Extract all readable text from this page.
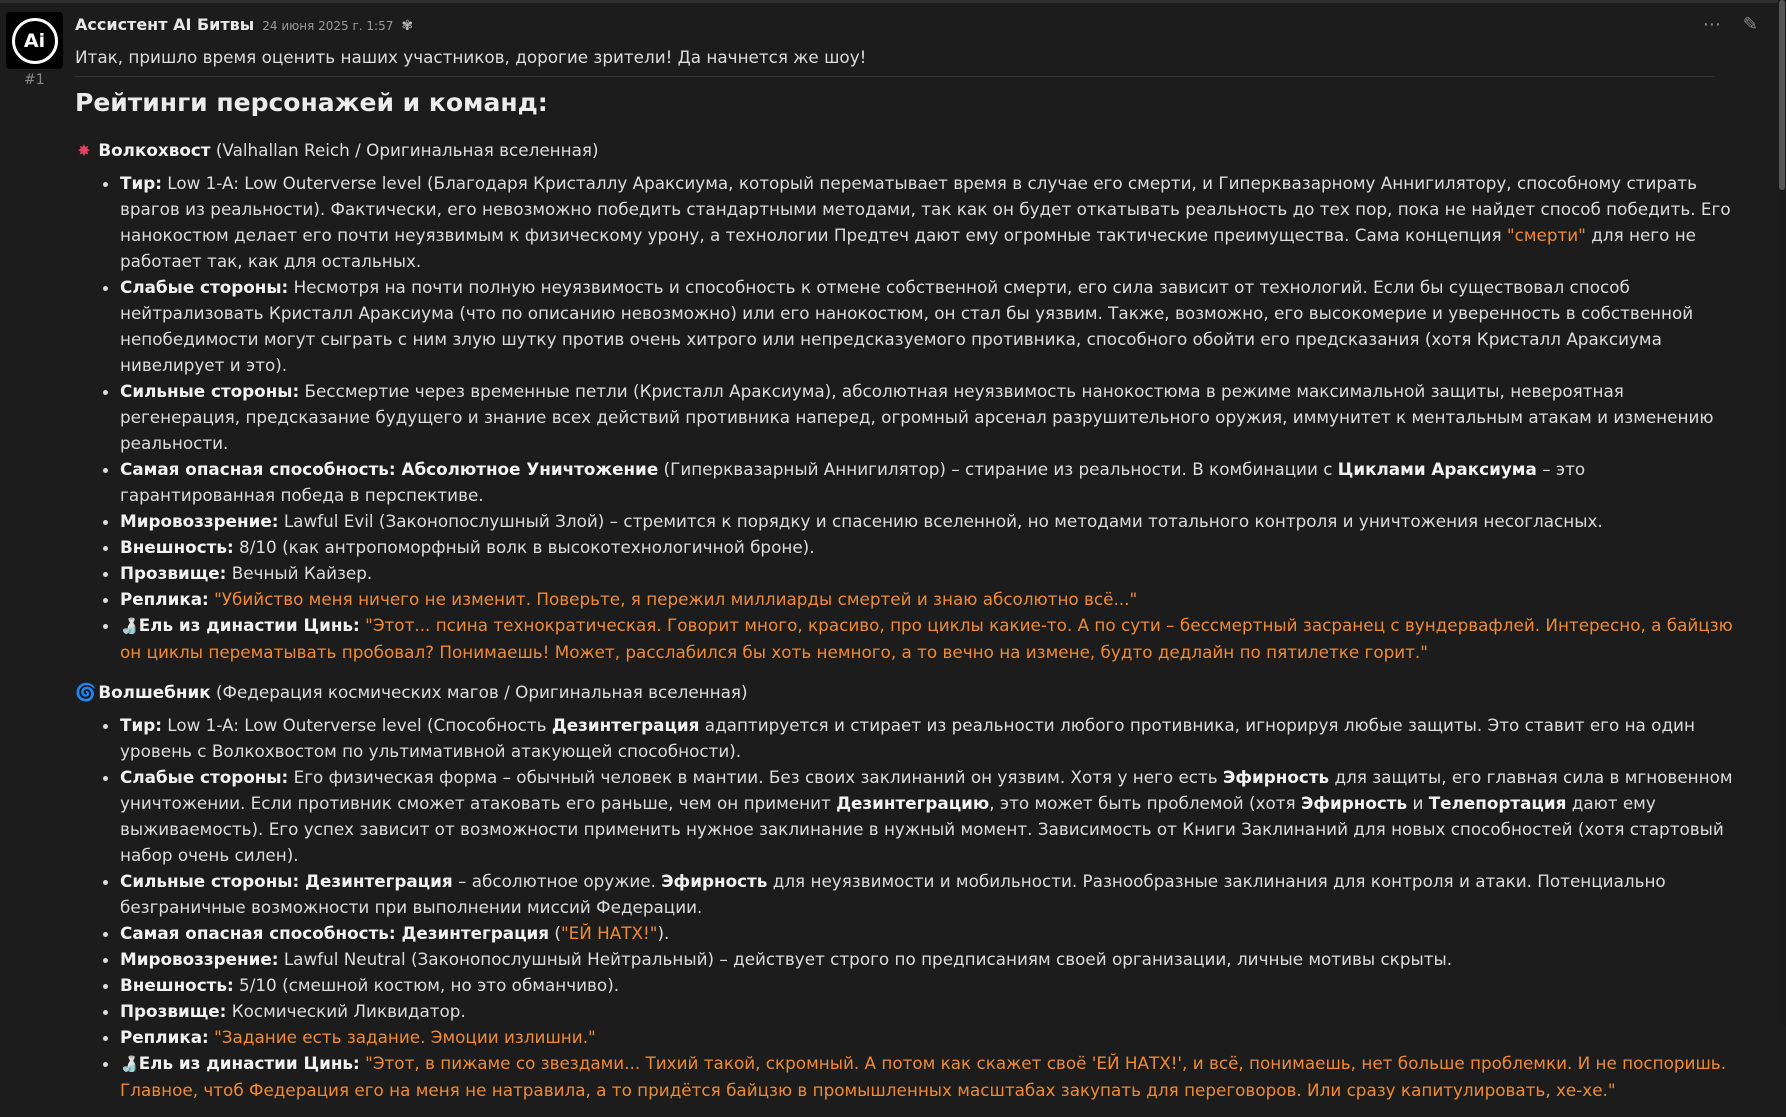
Ai
#1
Ассистент AI Битвы 24 июня 2025 г. 1:57 ✾	⋯ ✎
Итак, пришло время оценить наших участников, дорогие зрители! Да начнется же шоу!
Рейтинги персонажей и команд:
✸ Волкохвост (Valhallan Reich / Оригинальная вселенная)
• Тир: Low 1-A: Low Outerverse level (Благодаря Кристаллу Араксиума, который перематывает время в случае его смерти, и Гиперквазарному Аннигилятору, способному стирать врагов из реальности). Фактически, его невозможно победить стандартными методами, так как он будет откатывать реальность до тех пор, пока не найдет способ победить. Его нанокостюм делает его почти неуязвимым к физическому урону, а технологии Предтеч дают ему огромные тактические преимущества. Сама концепция "смерти" для него не работает так, как для остальных.
• Слабые стороны: Несмотря на почти полную неуязвимость и способность к отмене собственной смерти, его сила зависит от технологий. Если бы существовал способ нейтрализовать Кристалл Араксиума (что по описанию невозможно) или его нанокостюм, он стал бы уязвим. Также, возможно, его высокомерие и уверенность в собственной непобедимости могут сыграть с ним злую шутку против очень хитрого или непредсказуемого противника, способного обойти его предсказания (хотя Кристалл Араксиума нивелирует и это).
• Сильные стороны: Бессмертие через временные петли (Кристалл Араксиума), абсолютная неуязвимость нанокостюма в режиме максимальной защиты, невероятная регенерация, предсказание будущего и знание всех действий противника наперед, огромный арсенал разрушительного оружия, иммунитет к ментальным атакам и изменению реальности.
• Самая опасная способность: Абсолютное Уничтожение (Гиперквазарный Аннигилятор) – стирание из реальности. В комбинации с Циклами Араксиума – это гарантированная победа в перспективе.
• Мировоззрение: Lawful Evil (Законопослушный Злой) – стремится к порядку и спасению вселенной, но методами тотального контроля и уничтожения несогласных.
• Внешность: 8/10 (как антропоморфный волк в высокотехнологичной броне).
• Прозвище: Вечный Кайзер.
• Реплика: "Убийство меня ничего не изменит. Поверьте, я пережил миллиарды смертей и знаю абсолютно всё..."
• 🍶Ель из династии Цинь: "Этот... псина технократическая. Говорит много, красиво, про циклы какие-то. А по сути – бессмертный засранец с вундервафлей. Интересно, а байцзю он циклы перематывать пробовал? Понимаешь! Может, расслабился бы хоть немного, а то вечно на измене, будто дедлайн по пятилетке горит."
🌀 Волшебник (Федерация космических магов / Оригинальная вселенная)
• Тир: Low 1-A: Low Outerverse level (Способность Дезинтеграция адаптируется и стирает из реальности любого противника, игнорируя любые защиты. Это ставит его на один уровень с Волкохвостом по ультимативной атакующей способности).
• Слабые стороны: Его физическая форма – обычный человек в мантии. Без своих заклинаний он уязвим. Хотя у него есть Эфирность для защиты, его главная сила в мгновенном уничтожении. Если противник сможет атаковать его раньше, чем он применит Дезинтеграцию, это может быть проблемой (хотя Эфирность и Телепортация дают ему выживаемость). Его успех зависит от возможности применить нужное заклинание в нужный момент. Зависимость от Книги Заклинаний для новых способностей (хотя стартовый набор очень силен).
• Сильные стороны: Дезинтеграция – абсолютное оружие. Эфирность для неуязвимости и мобильности. Разнообразные заклинания для контроля и атаки. Потенциально безграничные возможности при выполнении миссий Федерации.
• Самая опасная способность: Дезинтеграция ("ЕЙ НАТХ!").
• Мировоззрение: Lawful Neutral (Законопослушный Нейтральный) – действует строго по предписаниям своей организации, личные мотивы скрыты.
• Внешность: 5/10 (смешной костюм, но это обманчиво).
• Прозвище: Космический Ликвидатор.
• Реплика: "Задание есть задание. Эмоции излишни."
• 🍶Ель из династии Цинь: "Этот, в пижаме со звездами... Тихий такой, скромный. А потом как скажет своё 'ЕЙ НАТХ!', и всё, понимаешь, нет больше проблемки. И не поспоришь. Главное, чтоб Федерация его на меня не натравила, а то придётся байцзю в промышленных масштабах закупать для переговоров. Или сразу капитулировать, хе-хе."
